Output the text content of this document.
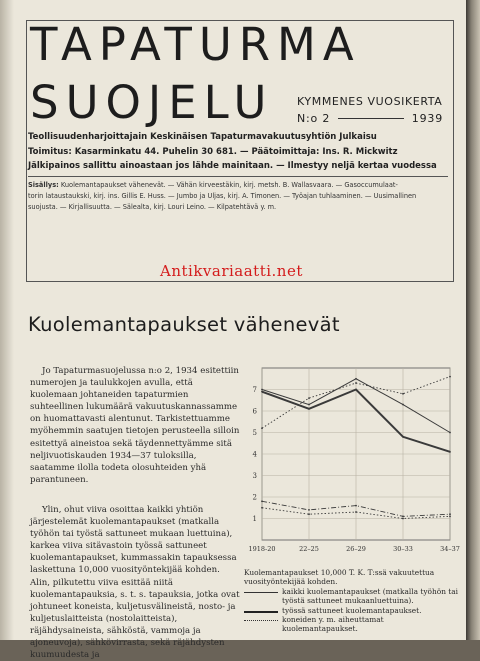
TAPATURMA
SUOJELU KYMMENES VUOSIKERTA
N:o 2	1939
Teollisuudenharjoittajain Keskinäisen Tapaturmavakuutusyhtiön Julkaisu
Toimitus: Kasarminkatu 44. Puhelin 30 681. — Päätoimittaja: Ins. R. Mickwitz
Jälkipainos sallittu ainoastaan jos lähde mainitaan. — Ilmestyy neljä kertaa vuodessa
Sisällys: Kuolemantapaukset vähenevät. — Vähän kirveestäkin, kirj. metsh. B. Wallasvaara. — Gasoccumulaat-
torin lataustaukski, kirj. ins. Gillis E. Huss. — Jumbo ja Uljas, kirj. A. Timonen. — Työajan tuhlaaminen. — Uusimallinen
suojusta. — Kirjallisuutta. — Sälealta, kirj. Louri Leino. — Kilpatehtävä y. m.
Antikvariaatti.net
Kuolemantapaukset vähenevät

Jo Tapaturmasuojelussa n:o 2, 1934 esitettiin numerojen ja taulukkojen avulla, että kuolemaan johtaneiden tapaturmien suhteellinen lukumäärä vakuutuskannassamme on huomattavasti alentunut. Tarkistettuamme myöhemmin saatujen tietojen perusteella silloin esitettyä aineistoa sekä täydennettyämme sitä neljivuotiskauden 1934—37 tuloksilla, saatamme ilolla todeta olosuhteiden yhä parantuneen.

Ylin, ohut viiva osoittaa kaikki yhtiön järjestelemät kuolemantapaukset (matkalla työhön tai työstä sattuneet mukaan luettuina), karkea viiva sitävastoin työssä sattuneet kuolemantapaukset, kummassakin tapauksessa laskettuna 10,000 vuosityöntekijää kohden. Alin, pilkutettu viiva esittää niitä kuolemantapauksia, s. t. s. tapauksia, jotka ovat johtuneet koneista, kuljetusvälineistä, nosto- ja kuljetuslaitteista (nostolaitteista), räjähdysaineista, sähköstä, vammoja ja ajoneuvoja), sähkövirrasta, sekä räjähdysten kuumuudesta ja

1918-20	22–25	26–29	30–33	34–37
1
2
3
4
5
6
7
Kuolemantapaukset 10,000 T. K. T:ssä vakuutettua vuosityöntekijää kohden.
kaikki kuolemantapaukset (matkalla työhön tai työstä sattuneet mukaanluettuina).
työssä sattuneet kuolemantapaukset.
koneiden y. m. aiheuttamat kuolemantapaukset.
